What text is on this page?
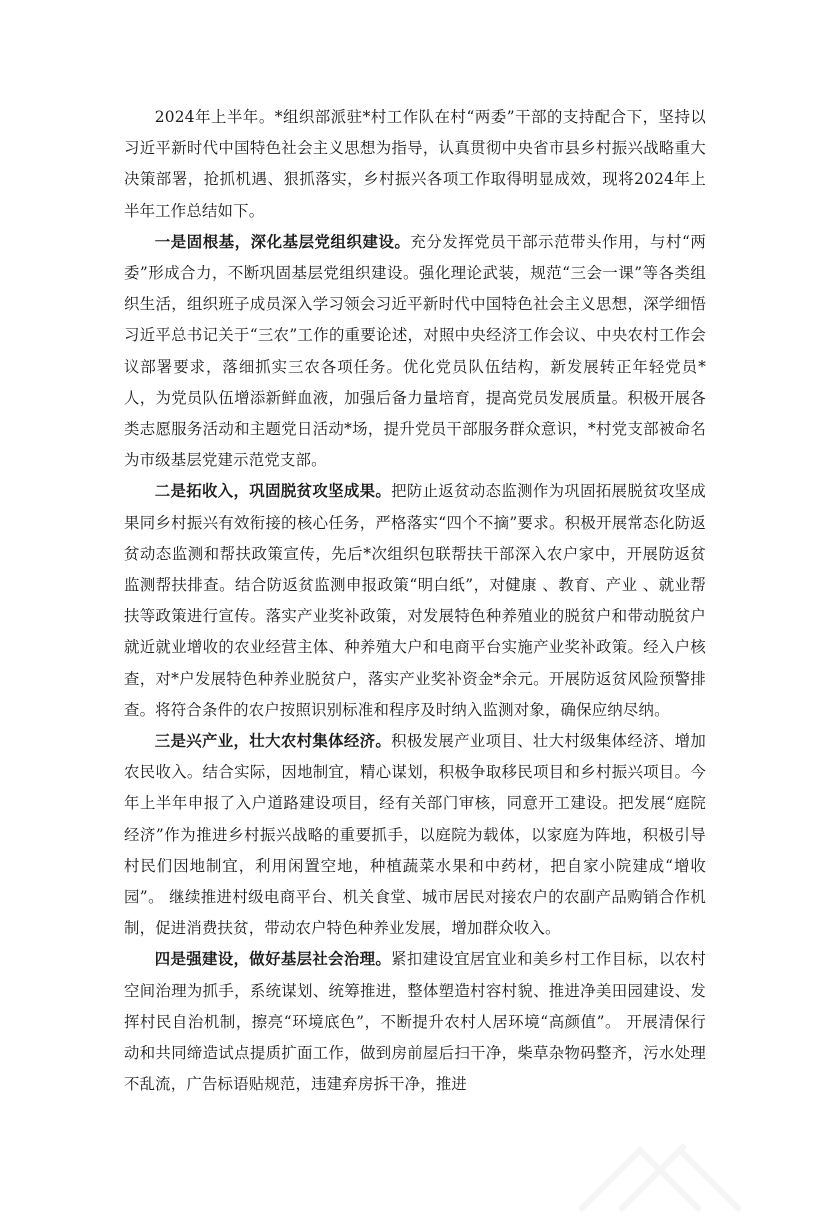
2024年上半年。*组织部派驻*村工作队在村“两委”干部的支持配合下，坚持以习近平新时代中国特色社会主义思想为指导，认真贯彻中央省市县乡村振兴战略重大决策部署，抢抓机遇、狠抓落实，乡村振兴各项工作取得明显成效，现将2024年上半年工作总结如下。

一是固根基，深化基层党组织建设。充分发挥党员干部示范带头作用，与村“两委”形成合力，不断巩固基层党组织建设。强化理论武装，规范“三会一课”等各类组织生活，组织班子成员深入学习领会习近平新时代中国特色社会主义思想，深学细悟习近平总书记关于“三农”工作的重要论述，对照中央经济工作会议、中央农村工作会议部署要求，落细抓实三农各项任务。优化党员队伍结构，新发展转正年轻党员*人，为党员队伍增添新鲜血液，加强后备力量培育，提高党员发展质量。积极开展各类志愿服务活动和主题党日活动*场，提升党员干部服务群众意识，*村党支部被命名为市级基层党建示范党支部。

二是拓收入，巩固脱贫攻坚成果。把防止返贫动态监测作为巩固拓展脱贫攻坚成果同乡村振兴有效衔接的核心任务，严格落实“四个不摘”要求。积极开展常态化防返贫动态监测和帮扶政策宣传，先后*次组织包联帮扶干部深入农户家中，开展防返贫监测帮扶排查。结合防返贫监测申报政策“明白纸”，对健康 、教育、产业 、就业帮扶等政策进行宣传。落实产业奖补政策，对发展特色种养殖业的脱贫户和带动脱贫户就近就业增收的农业经营主体、种养殖大户和电商平台实施产业奖补政策。经入户核查，对*户发展特色种养业脱贫户，落实产业奖补资金*余元。开展防返贫风险预警排查。将符合条件的农户按照识别标准和程序及时纳入监测对象，确保应纳尽纳。

三是兴产业，壮大农村集体经济。积极发展产业项目、壮大村级集体经济、增加农民收入。结合实际，因地制宜，精心谋划，积极争取移民项目和乡村振兴项目。今年上半年申报了入户道路建设项目，经有关部门审核，同意开工建设。把发展“庭院经济”作为推进乡村振兴战略的重要抓手，以庭院为载体，以家庭为阵地，积极引导村民们因地制宜，利用闲置空地，种植蔬菜水果和中药材，把自家小院建成“增收园”。 继续推进村级电商平台、机关食堂、城市居民对接农户的农副产品购销合作机制，促进消费扶贫，带动农户特色种养业发展，增加群众收入。

四是强建设，做好基层社会治理。紧扣建设宜居宜业和美乡村工作目标，以农村空间治理为抓手，系统谋划、统筹推进，整体塑造村容村貌、推进净美田园建设、发挥村民自治机制，擦亮“环境底色”，不断提升农村人居环境“高颜值”。 开展清保行动和共同缔造试点提质扩面工作，做到房前屋后扫干净，柴草杂物码整齐，污水处理不乱流，广告标语贴规范，违建弃房拆干净，推进
